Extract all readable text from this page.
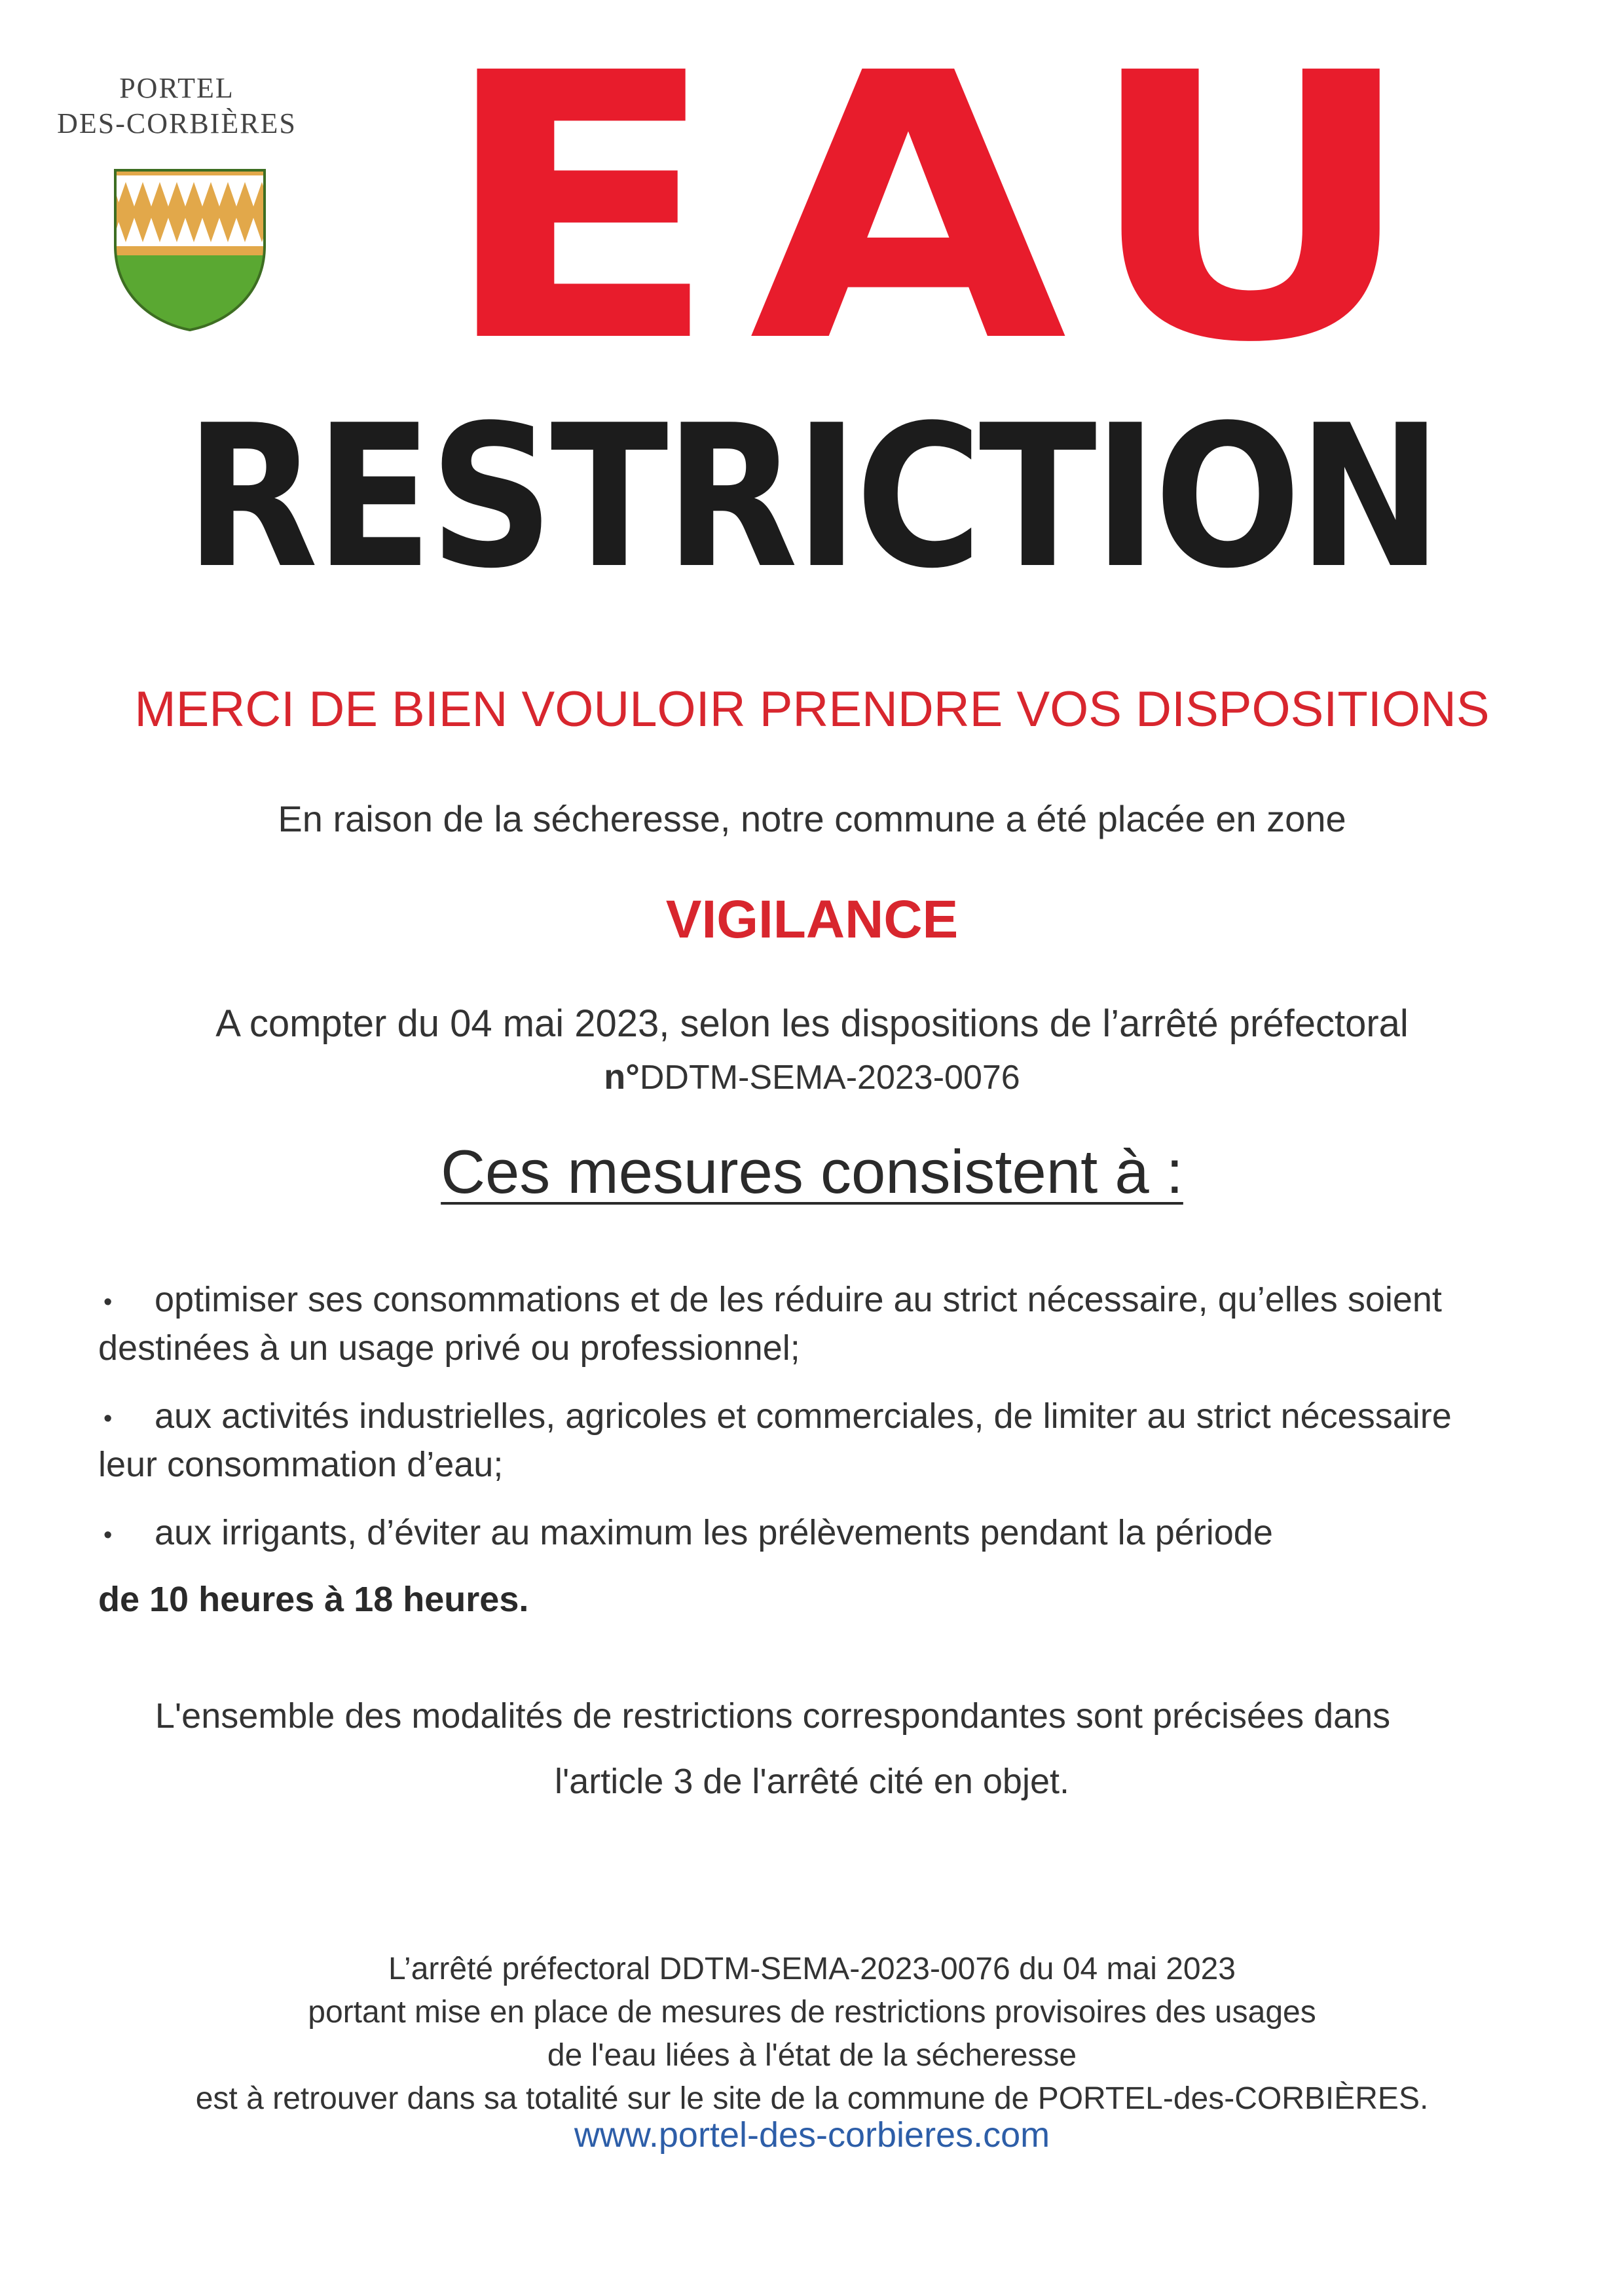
PORTEL
DES-CORBIÈRES EAU
RESTRICTION
MERCI DE BIEN VOULOIR PRENDRE VOS DISPOSITIONS
En raison de la sécheresse, notre commune a été placée en zone
VIGILANCE
A compter du 04 mai 2023, selon les dispositions de l’arrêté préfectoral
n°DDTM-SEMA-2023-0076
Ces mesures consistent à :
• optimiser ses consommations et de les réduire au strict nécessaire, qu’elles soient
destinées à un usage privé ou professionnel;
• aux activités industrielles, agricoles et commerciales, de limiter au strict nécessaire
leur consommation d’eau;
• aux irrigants, d’éviter au maximum les prélèvements pendant la période
de 10 heures à 18 heures.
L'ensemble des modalités de restrictions correspondantes sont précisées dans
l'article 3 de l'arrêté cité en objet.
L’arrêté préfectoral DDTM-SEMA-2023-0076 du 04 mai 2023
portant mise en place de mesures de restrictions provisoires des usages
de l'eau liées à l'état de la sécheresse
est à retrouver dans sa totalité sur le site de la commune de PORTEL-des-CORBIÈRES.
www.portel-des-corbieres.com
